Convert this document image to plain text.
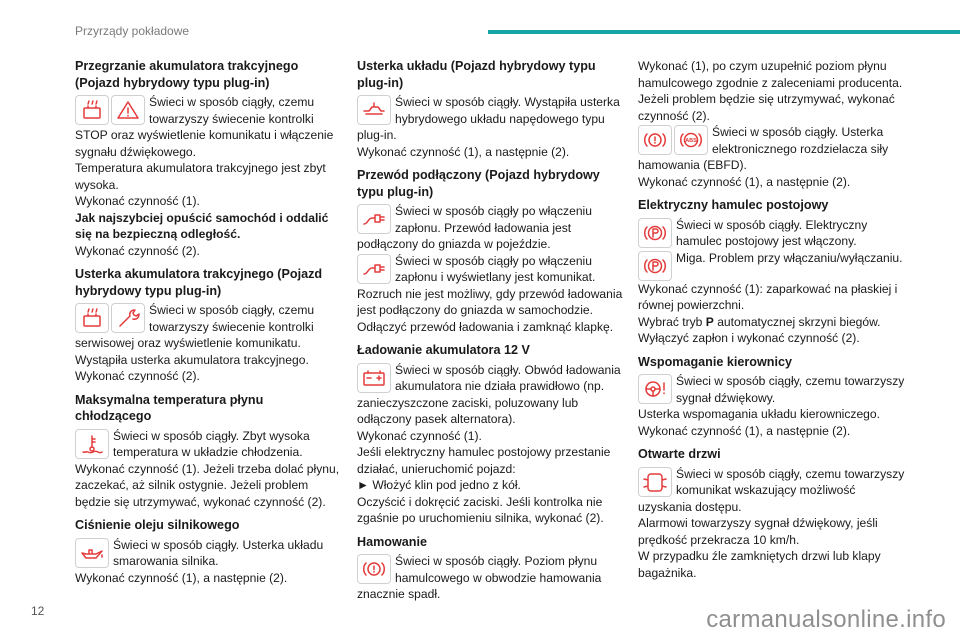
Przyrządy pokładowe
Przegrzanie akumulatora trakcyjnego (Pojazd hybrydowy typu plug-in)
Świeci w sposób ciągły, czemu towarzyszy świecenie kontrolki STOP oraz wyświetlenie komunikatu i włączenie sygnału dźwiękowego.

Temperatura akumulatora trakcyjnego jest zbyt wysoka.

Wykonać czynność (1).

Jak najszybciej opuścić samochód i oddalić się na bezpieczną odległość.

Wykonać czynność (2).

Usterka akumulatora trakcyjnego (Pojazd hybrydowy typu plug-in)
Świeci w sposób ciągły, czemu towarzyszy świecenie kontrolki serwisowej oraz wyświetlenie komunikatu.

Wystąpiła usterka akumulatora trakcyjnego.

Wykonać czynność (2).

Maksymalna temperatura płynu chłodzącego
Świeci w sposób ciągły. Zbyt wysoka temperatura w układzie chłodzenia.

Wykonać czynność (1). Jeżeli trzeba dolać płynu, zaczekać, aż silnik ostygnie. Jeżeli problem będzie się utrzymywać, wykonać czynność (2).

Ciśnienie oleju silnikowego
Świeci w sposób ciągły. Usterka układu smarowania silnika.

Wykonać czynność (1), a następnie (2).

Usterka układu (Pojazd hybrydowy typu plug-in)
Świeci w sposób ciągły. Wystąpiła usterka hybrydowego układu napędowego typu plug-in.

Wykonać czynność (1), a następnie (2).

Przewód podłączony (Pojazd hybrydowy typu plug-in)
Świeci w sposób ciągły po włączeniu zapłonu. Przewód ładowania jest podłączony do gniazda w pojeździe.
Świeci w sposób ciągły po włączeniu zapłonu i wyświetlany jest komunikat. Rozruch nie jest możliwy, gdy przewód ładowania jest podłączony do gniazda w samochodzie.

Odłączyć przewód ładowania i zamknąć klapkę.

Ładowanie akumulatora 12 V
Świeci w sposób ciągły. Obwód ładowania akumulatora nie działa prawidłowo (np. zanieczyszczone zaciski, poluzowany lub odłączony pasek alternatora).

Wykonać czynność (1).

Jeśli elektryczny hamulec postojowy przestanie działać, unieruchomić pojazd:

► Włożyć klin pod jedno z kół.

Oczyścić i dokręcić zaciski. Jeśli kontrolka nie zgaśnie po uruchomieniu silnika, wykonać (2).

Hamowanie
Świeci w sposób ciągły. Poziom płynu hamulcowego w obwodzie hamowania znacznie spadł.

Wykonać (1), po czym uzupełnić poziom płynu hamulcowego zgodnie z zaleceniami producenta. Jeżeli problem będzie się utrzymywać, wykonać czynność (2).

ABS
Świeci w sposób ciągły. Usterka elektronicznego rozdzielacza siły hamowania (EBFD).

Wykonać czynność (1), a następnie (2).

Elektryczny hamulec postojowy
Świeci w sposób ciągły. Elektryczny hamulec postojowy jest włączony.
Miga. Problem przy włączaniu/wyłączaniu.

Wykonać czynność (1): zaparkować na płaskiej i równej powierzchni.

Wybrać tryb P automatycznej skrzyni biegów.

Wyłączyć zapłon i wykonać czynność (2).

Wspomaganie kierownicy
Świeci w sposób ciągły, czemu towarzyszy sygnał dźwiękowy.

Usterka wspomagania układu kierowniczego. Wykonać czynność (1), a następnie (2).

Otwarte drzwi
Świeci w sposób ciągły, czemu towarzyszy komunikat wskazujący możliwość uzyskania dostępu.

Alarmowi towarzyszy sygnał dźwiękowy, jeśli prędkość przekracza 10 km/h.

W przypadku źle zamkniętych drzwi lub klapy bagażnika.

12	carmanualsonline.info
